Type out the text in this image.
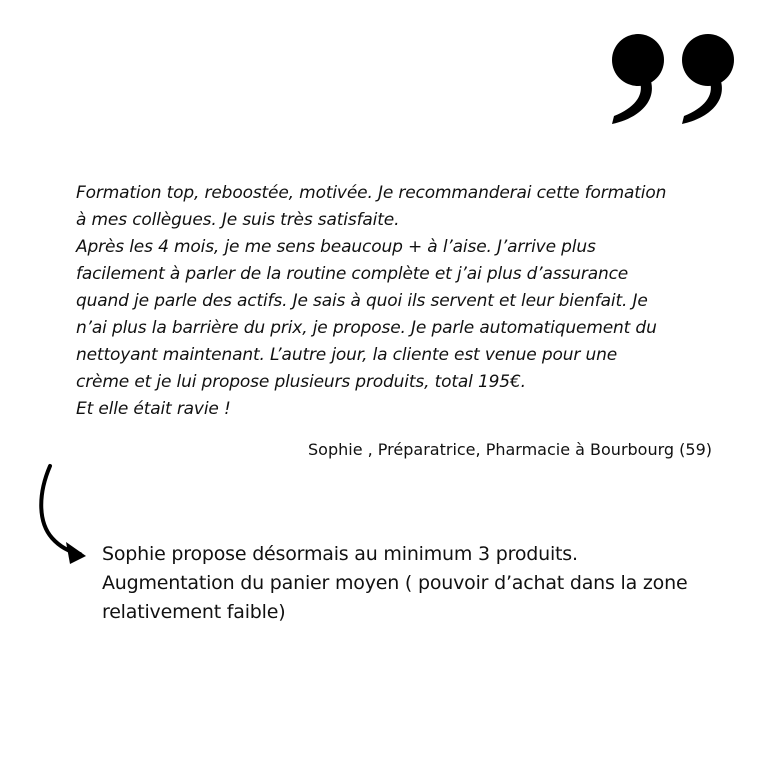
Formation top, reboostée, motivée. Je recommanderai cette formation
à mes collègues. Je suis très satisfaite.
Après les 4 mois, je me sens beaucoup + à l’aise. J’arrive plus
facilement à parler de la routine complète et j’ai plus d’assurance
quand je parle des actifs. Je sais à quoi ils servent et leur bienfait. Je
n’ai plus la barrière du prix, je propose. Je parle automatiquement du
nettoyant maintenant. L’autre jour, la cliente est venue pour une
crème et je lui propose plusieurs produits, total 195€.
Et elle était ravie !
Sophie , Préparatrice, Pharmacie à Bourbourg (59)
Sophie propose désormais au minimum 3 produits.
Augmentation du panier moyen ( pouvoir d’achat dans la zone
relativement faible)
